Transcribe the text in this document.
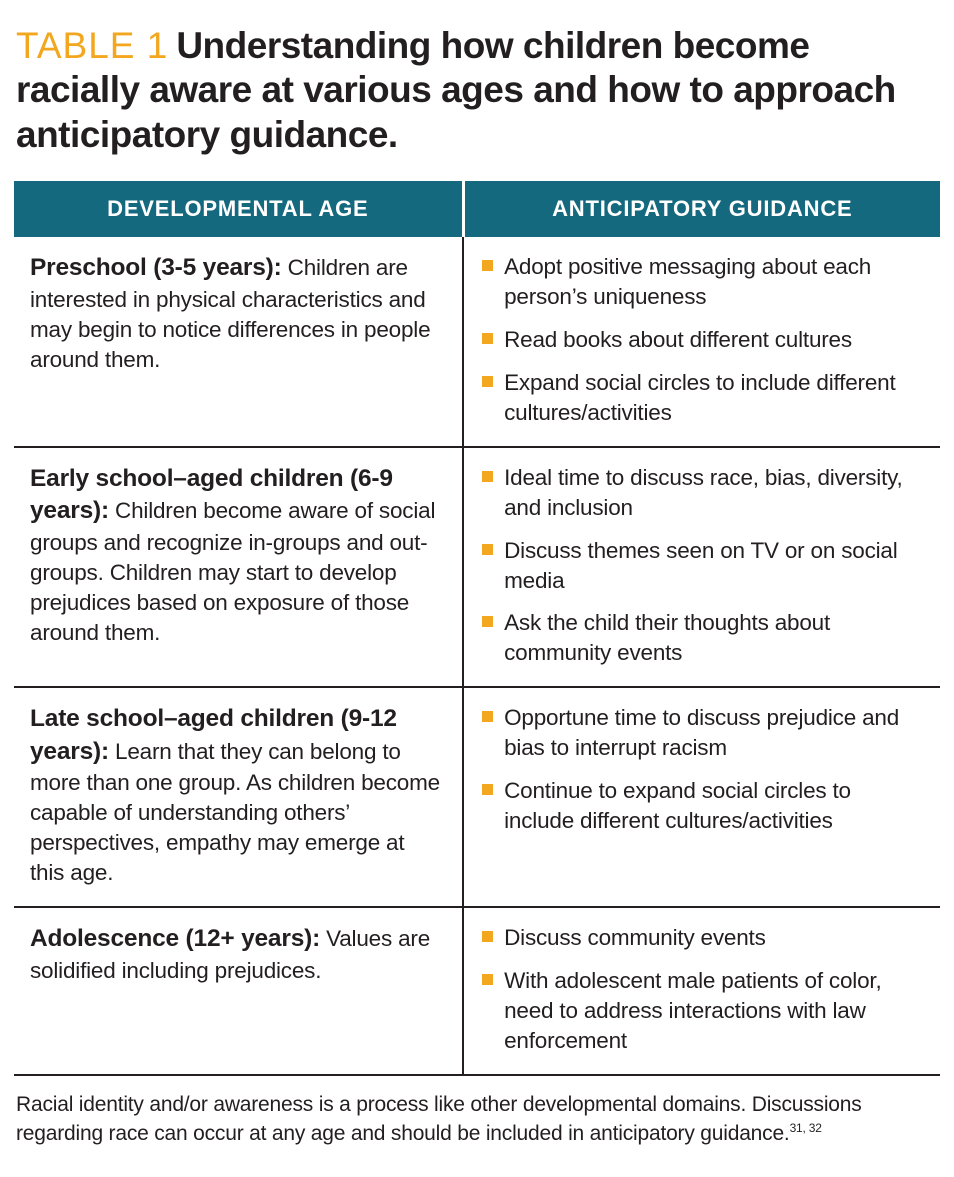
TABLE 1 Understanding how children become racially aware at various ages and how to approach anticipatory guidance.
DEVELOPMENTAL AGE	ANTICIPATORY GUIDANCE
Preschool (3-5 years): Children are interested in physical characteristics and may begin to notice differences in people around them.	Adopt positive messaging about each person’s uniqueness
Read books about different cultures
Expand social circles to include different cultures/activities

Early school–aged children (6-9 years): Children become aware of social groups and recognize in-groups and out-groups. Children may start to develop prejudices based on exposure of those around them.	Ideal time to discuss race, bias, diversity, and inclusion
Discuss themes seen on TV or on social media
Ask the child their thoughts about community events

Late school–aged children (9-12 years): Learn that they can belong to more than one group. As children become capable of understanding others’ perspectives, empathy may emerge at this age.	Opportune time to discuss prejudice and bias to interrupt racism
Continue to expand social circles to include different cultures/activities

Adolescence (12+ years): Values are solidified including prejudices.	Discuss community events
With adolescent male patients of color, need to address interactions with law enforcement

Racial identity and/or awareness is a process like other developmental domains. Discussions regarding race can occur at any age and should be included in anticipatory guidance.$^{31, 32}$
